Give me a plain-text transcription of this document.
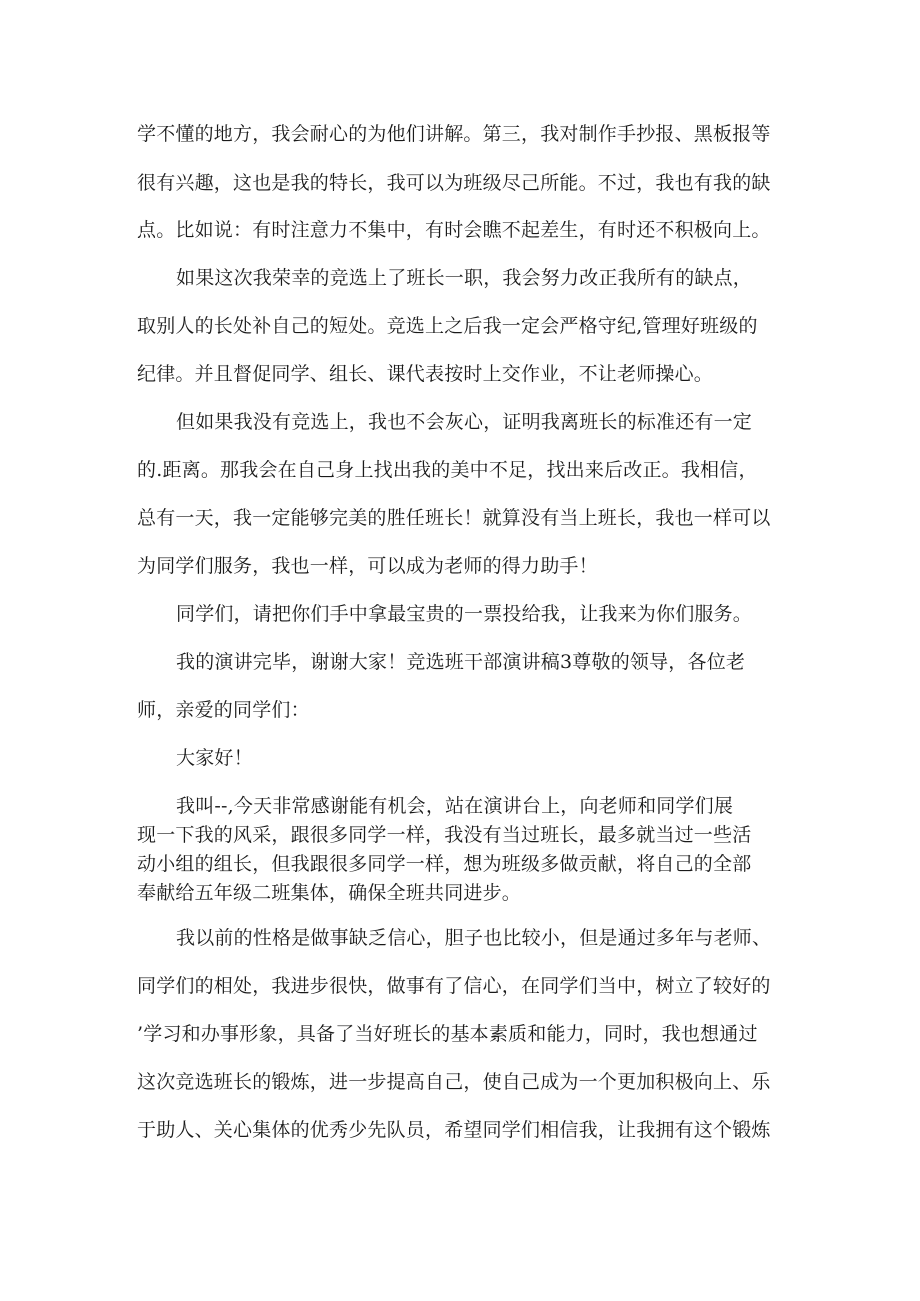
学不懂的地方，我会耐心的为他们讲解。第三，我对制作手抄报、黑板报等
很有兴趣，这也是我的特长，我可以为班级尽己所能。不过，我也有我的缺
点。比如说：有时注意力不集中，有时会瞧不起差生，有时还不积极向上。
如果这次我荣幸的竞选上了班长一职，我会努力改正我所有的缺点，
取别人的长处补自己的短处。竞选上之后我一定会严格守纪,管理好班级的
纪律。并且督促同学、组长、课代表按时上交作业，不让老师操心。
但如果我没有竞选上，我也不会灰心，证明我离班长的标准还有一定
的.距离。那我会在自己身上找出我的美中不足，找出来后改正。我相信，
总有一天，我一定能够完美的胜任班长！就算没有当上班长，我也一样可以
为同学们服务，我也一样，可以成为老师的得力助手！
同学们，请把你们手中拿最宝贵的一票投给我，让我来为你们服务。
我的演讲完毕，谢谢大家！竞选班干部演讲稿3尊敬的领导，各位老
师，亲爱的同学们：
大家好！
我叫--,今天非常感谢能有机会，站在演讲台上，向老师和同学们展
现一下我的风采，跟很多同学一样，我没有当过班长，最多就当过一些活
动小组的组长，但我跟很多同学一样，想为班级多做贡献，将自己的全部
奉献给五年级二班集体，确保全班共同进步。
我以前的性格是做事缺乏信心，胆子也比较小，但是通过多年与老师、
同学们的相处，我进步很快，做事有了信心，在同学们当中，树立了较好的
’学习和办事形象，具备了当好班长的基本素质和能力，同时，我也想通过
这次竞选班长的锻炼，进一步提高自己，使自己成为一个更加积极向上、乐
于助人、关心集体的优秀少先队员，希望同学们相信我，让我拥有这个锻炼
